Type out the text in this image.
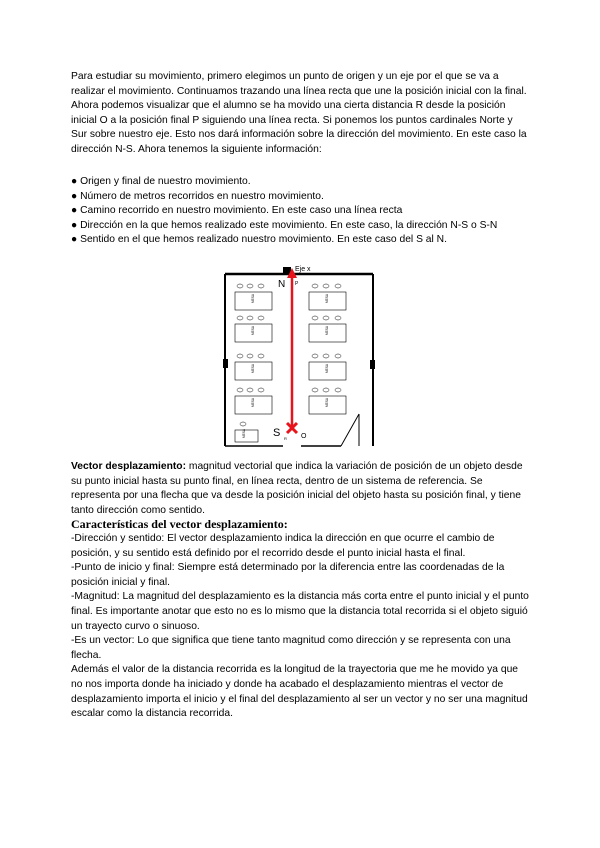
Para estudiar su movimiento, primero elegimos un punto de origen y un eje por el que se va a realizar el movimiento. Continuamos trazando una línea recta que une la posición inicial con la final. Ahora podemos visualizar que el alumno se ha movido una cierta distancia R desde la posición inicial O a la posición final P siguiendo una línea recta. Si ponemos los puntos cardinales Norte y Sur sobre nuestro eje. Esto nos dará información sobre la dirección del movimiento. En este caso la dirección N-S. Ahora tenemos la siguiente información:

● Origen y final de nuestro movimiento.
● Número de metros recorridos en nuestro movimiento.
● Camino recorrido en nuestro movimiento. En este caso una línea recta
● Dirección en la que hemos realizado este movimiento. En este caso, la dirección N-S o S-N
● Sentido en el que hemos realizado nuestro movimiento. En este caso del S al N.
MESA
MESA
MESA
MESA
MESA
MESA
MESA
MESA
MESA
Eje x
N P
S	O
R
Vector desplazamiento: magnitud vectorial que indica la variación de posición de un objeto desde su punto inicial hasta su punto final, en línea recta, dentro de un sistema de referencia. Se representa por una flecha que va desde la posición inicial del objeto hasta su posición final, y tiene tanto dirección como sentido.
Características del vector desplazamiento:
-Dirección y sentido: El vector desplazamiento indica la dirección en que ocurre el cambio de posición, y su sentido está definido por el recorrido desde el punto inicial hasta el final.
-Punto de inicio y final: Siempre está determinado por la diferencia entre las coordenadas de la posición inicial y final.
-Magnitud: La magnitud del desplazamiento es la distancia más corta entre el punto inicial y el punto final. Es importante anotar que esto no es lo mismo que la distancia total recorrida si el objeto siguió un trayecto curvo o sinuoso.
-Es un vector: Lo que significa que tiene tanto magnitud como dirección y se representa con una flecha.
Además el valor de la distancia recorrida es la longitud de la trayectoria que me he movido ya que no nos importa donde ha iniciado y donde ha acabado el desplazamiento mientras el vector de desplazamiento importa el inicio y el final del desplazamiento al ser un vector y no ser una magnitud escalar como la distancia recorrida.
